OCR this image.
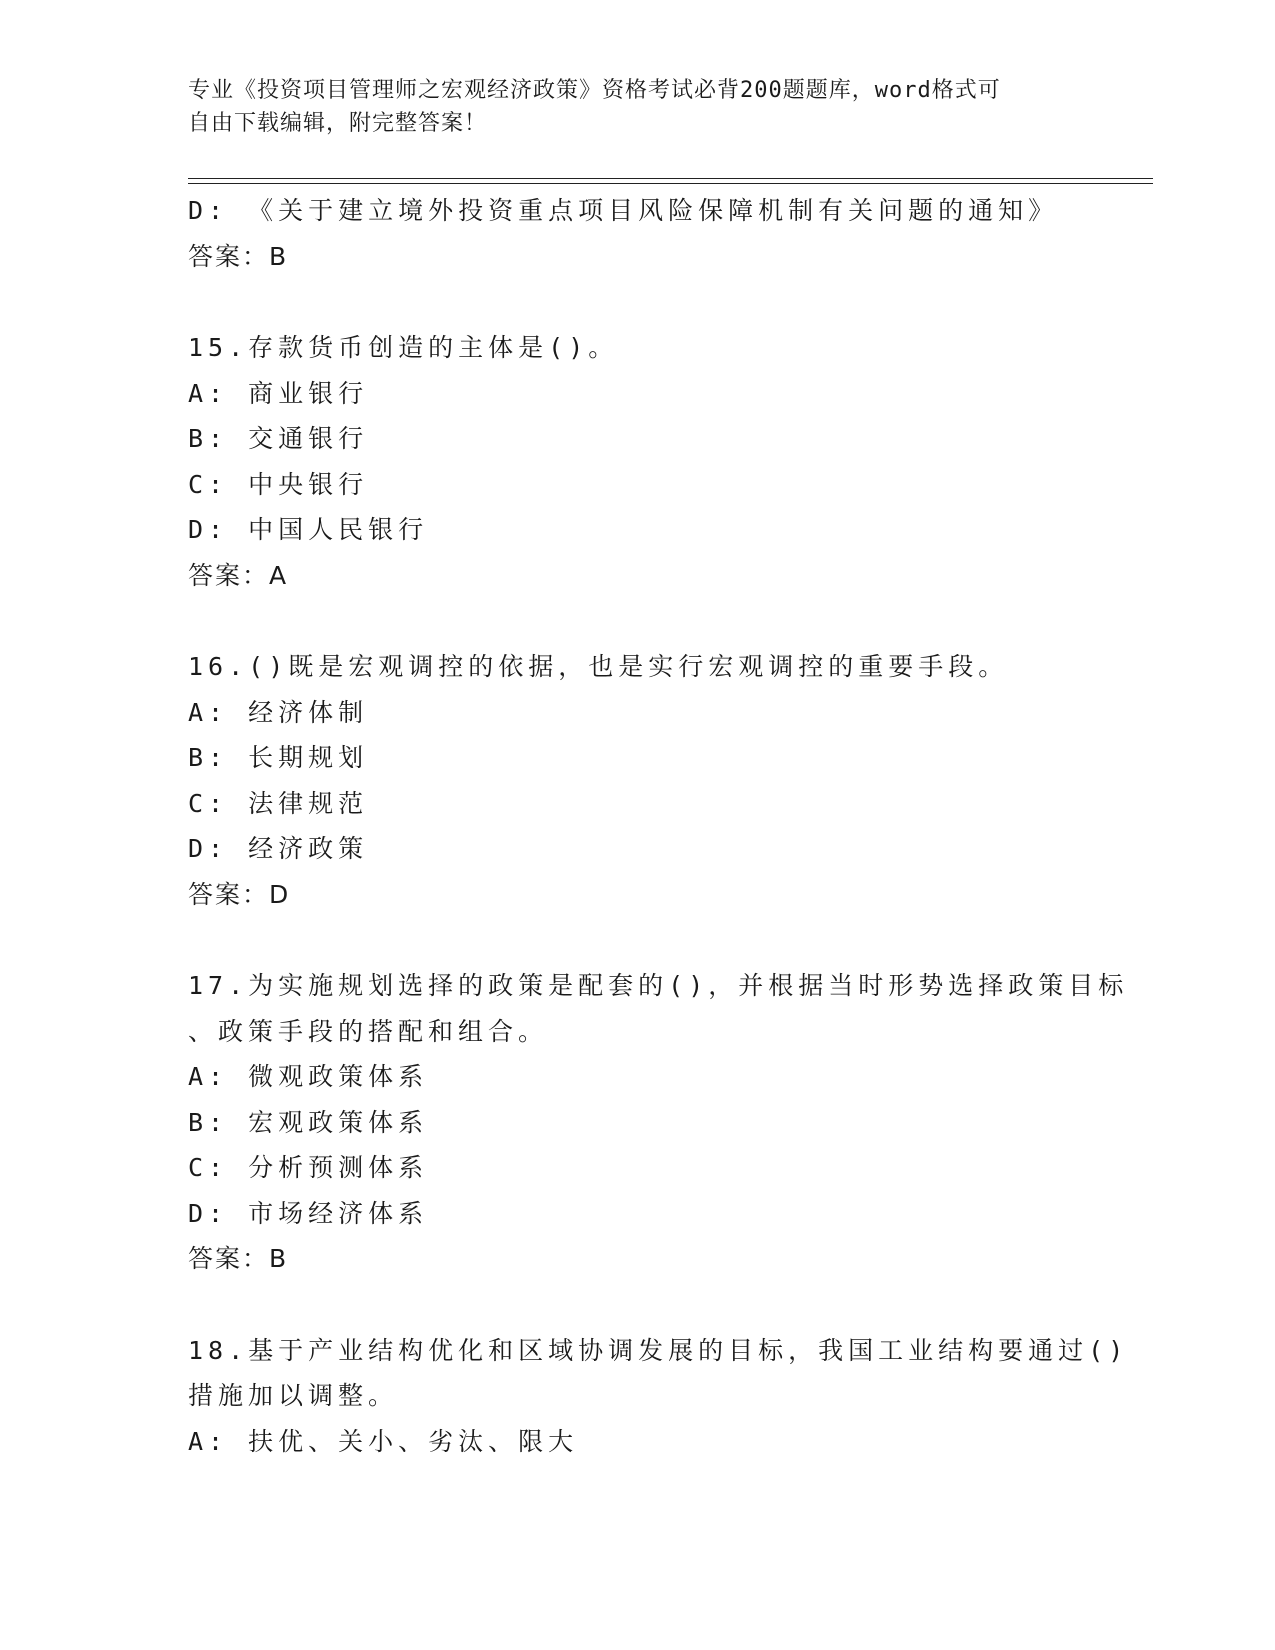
专业《投资项目管理师之宏观经济政策》资格考试必背200题题库，word格式可
自由下载编辑，附完整答案！
D: 《关于建立境外投资重点项目风险保障机制有关问题的通知》
答案：B
15.存款货币创造的主体是()。
A: 商业银行
B: 交通银行
C: 中央银行
D: 中国人民银行
答案：A
16.()既是宏观调控的依据，也是实行宏观调控的重要手段。
A: 经济体制
B: 长期规划
C: 法律规范
D: 经济政策
答案：D
17.为实施规划选择的政策是配套的()，并根据当时形势选择政策目标
、政策手段的搭配和组合。
A: 微观政策体系
B: 宏观政策体系
C: 分析预测体系
D: 市场经济体系
答案：B
18.基于产业结构优化和区域协调发展的目标，我国工业结构要通过()
措施加以调整。
A: 扶优、关小、劣汰、限大
